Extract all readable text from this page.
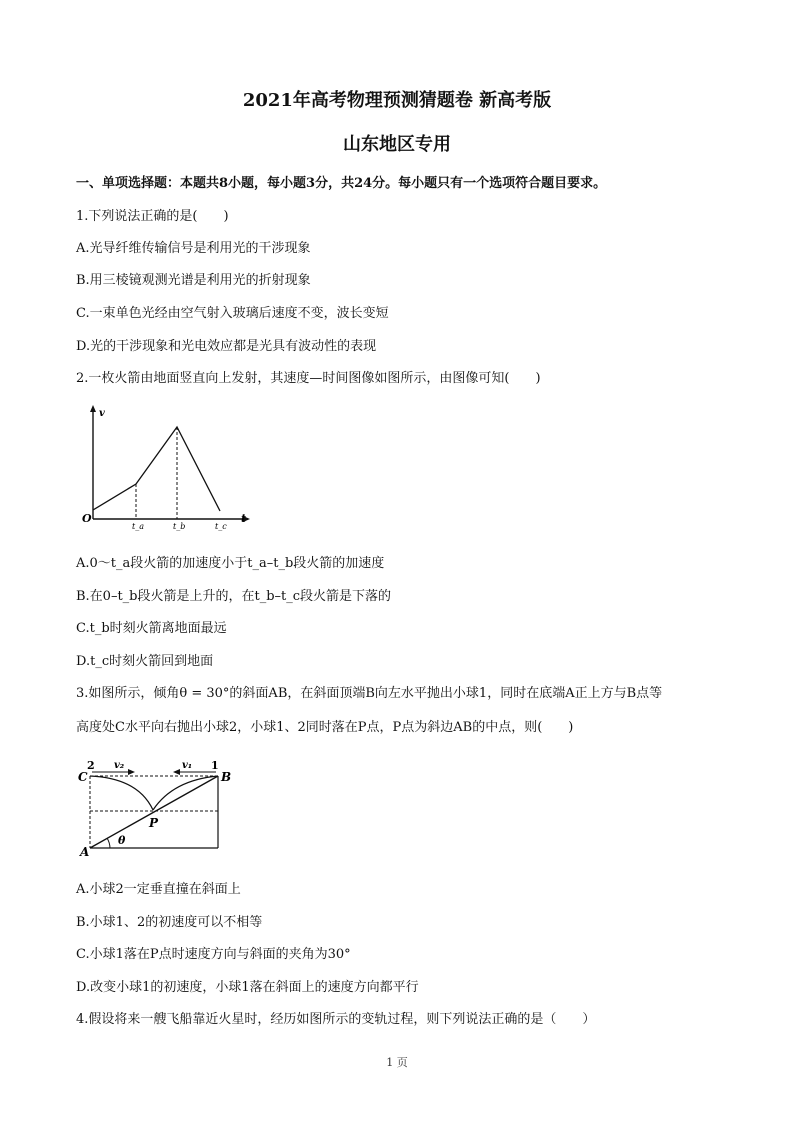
2021年高考物理预测猜题卷 新高考版
山东地区专用
一、单项选择题：本题共8小题，每小题3分，共24分。每小题只有一个选项符合题目要求。
1.下列说法正确的是(　　)
A.光导纤维传输信号是利用光的干涉现象
B.用三棱镜观测光谱是利用光的折射现象
C.一束单色光经由空气射入玻璃后速度不变，波长变短
D.光的干涉现象和光电效应都是光具有波动性的表现
2.一枚火箭由地面竖直向上发射，其速度—时间图像如图所示，由图像可知(　　)
v
t
O
t_a	t_b	t_c
A.0～t_a段火箭的加速度小于t_a–t_b段火箭的加速度
B.在0–t_b段火箭是上升的，在t_b–t_c段火箭是下落的
C.t_b时刻火箭离地面最远
D.t_c时刻火箭回到地面
3.如图所示，倾角θ = 30°的斜面AB，在斜面顶端B向左水平抛出小球1，同时在底端A正上方与B点等
高度处C水平向右抛出小球2，小球1、2同时落在P点，P点为斜边AB的中点，则(　　)
C
2 v₂	v₁ 1
B
P
A
θ
A.小球2一定垂直撞在斜面上
B.小球1、2的初速度可以不相等
C.小球1落在P点时速度方向与斜面的夹角为30°
D.改变小球1的初速度，小球1落在斜面上的速度方向都平行
4.假设将来一艘飞船靠近火星时，经历如图所示的变轨过程，则下列说法正确的是（　　）
1 页
